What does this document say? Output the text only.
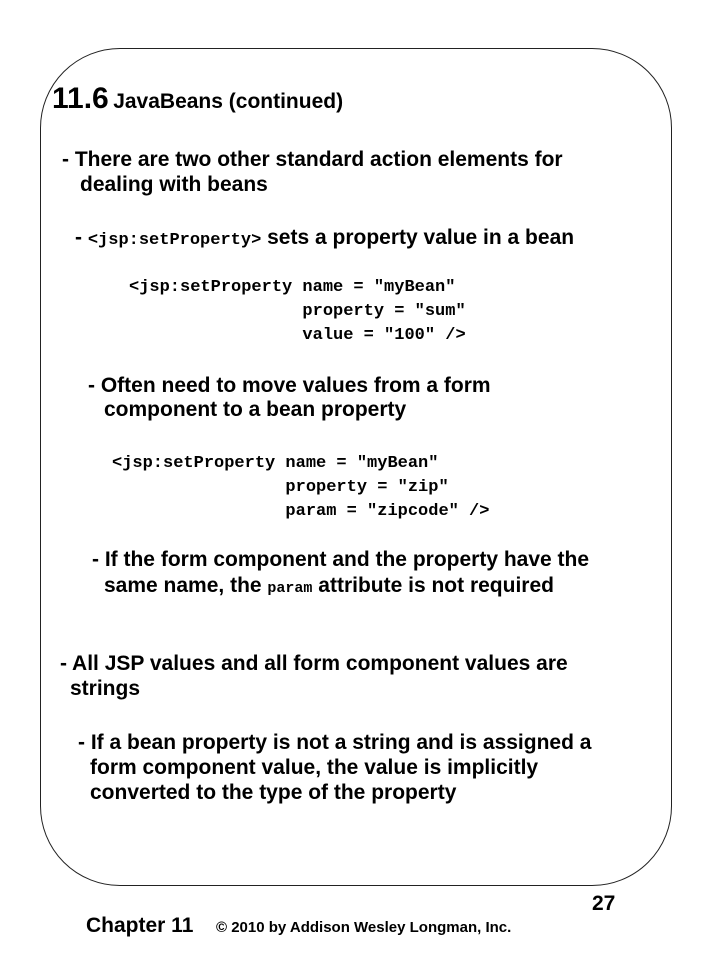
11.6 JavaBeans (continued)
- There are two other standard action elements for
dealing with beans
- <jsp:setProperty> sets a property value in a bean
<jsp:setProperty name = "myBean"
property = "sum"
value = "100" />
- Often need to move values from a form
component to a bean property
<jsp:setProperty name = "myBean"
property = "zip"
param = "zipcode" />
- If the form component and the property have the
same name, the param attribute is not required
- All JSP values and all form component values are
strings
- If a bean property is not a string and is assigned a
form component value, the value is implicitly
converted to the type of the property
Chapter 11 © 2010 by Addison Wesley Longman, Inc.
27
